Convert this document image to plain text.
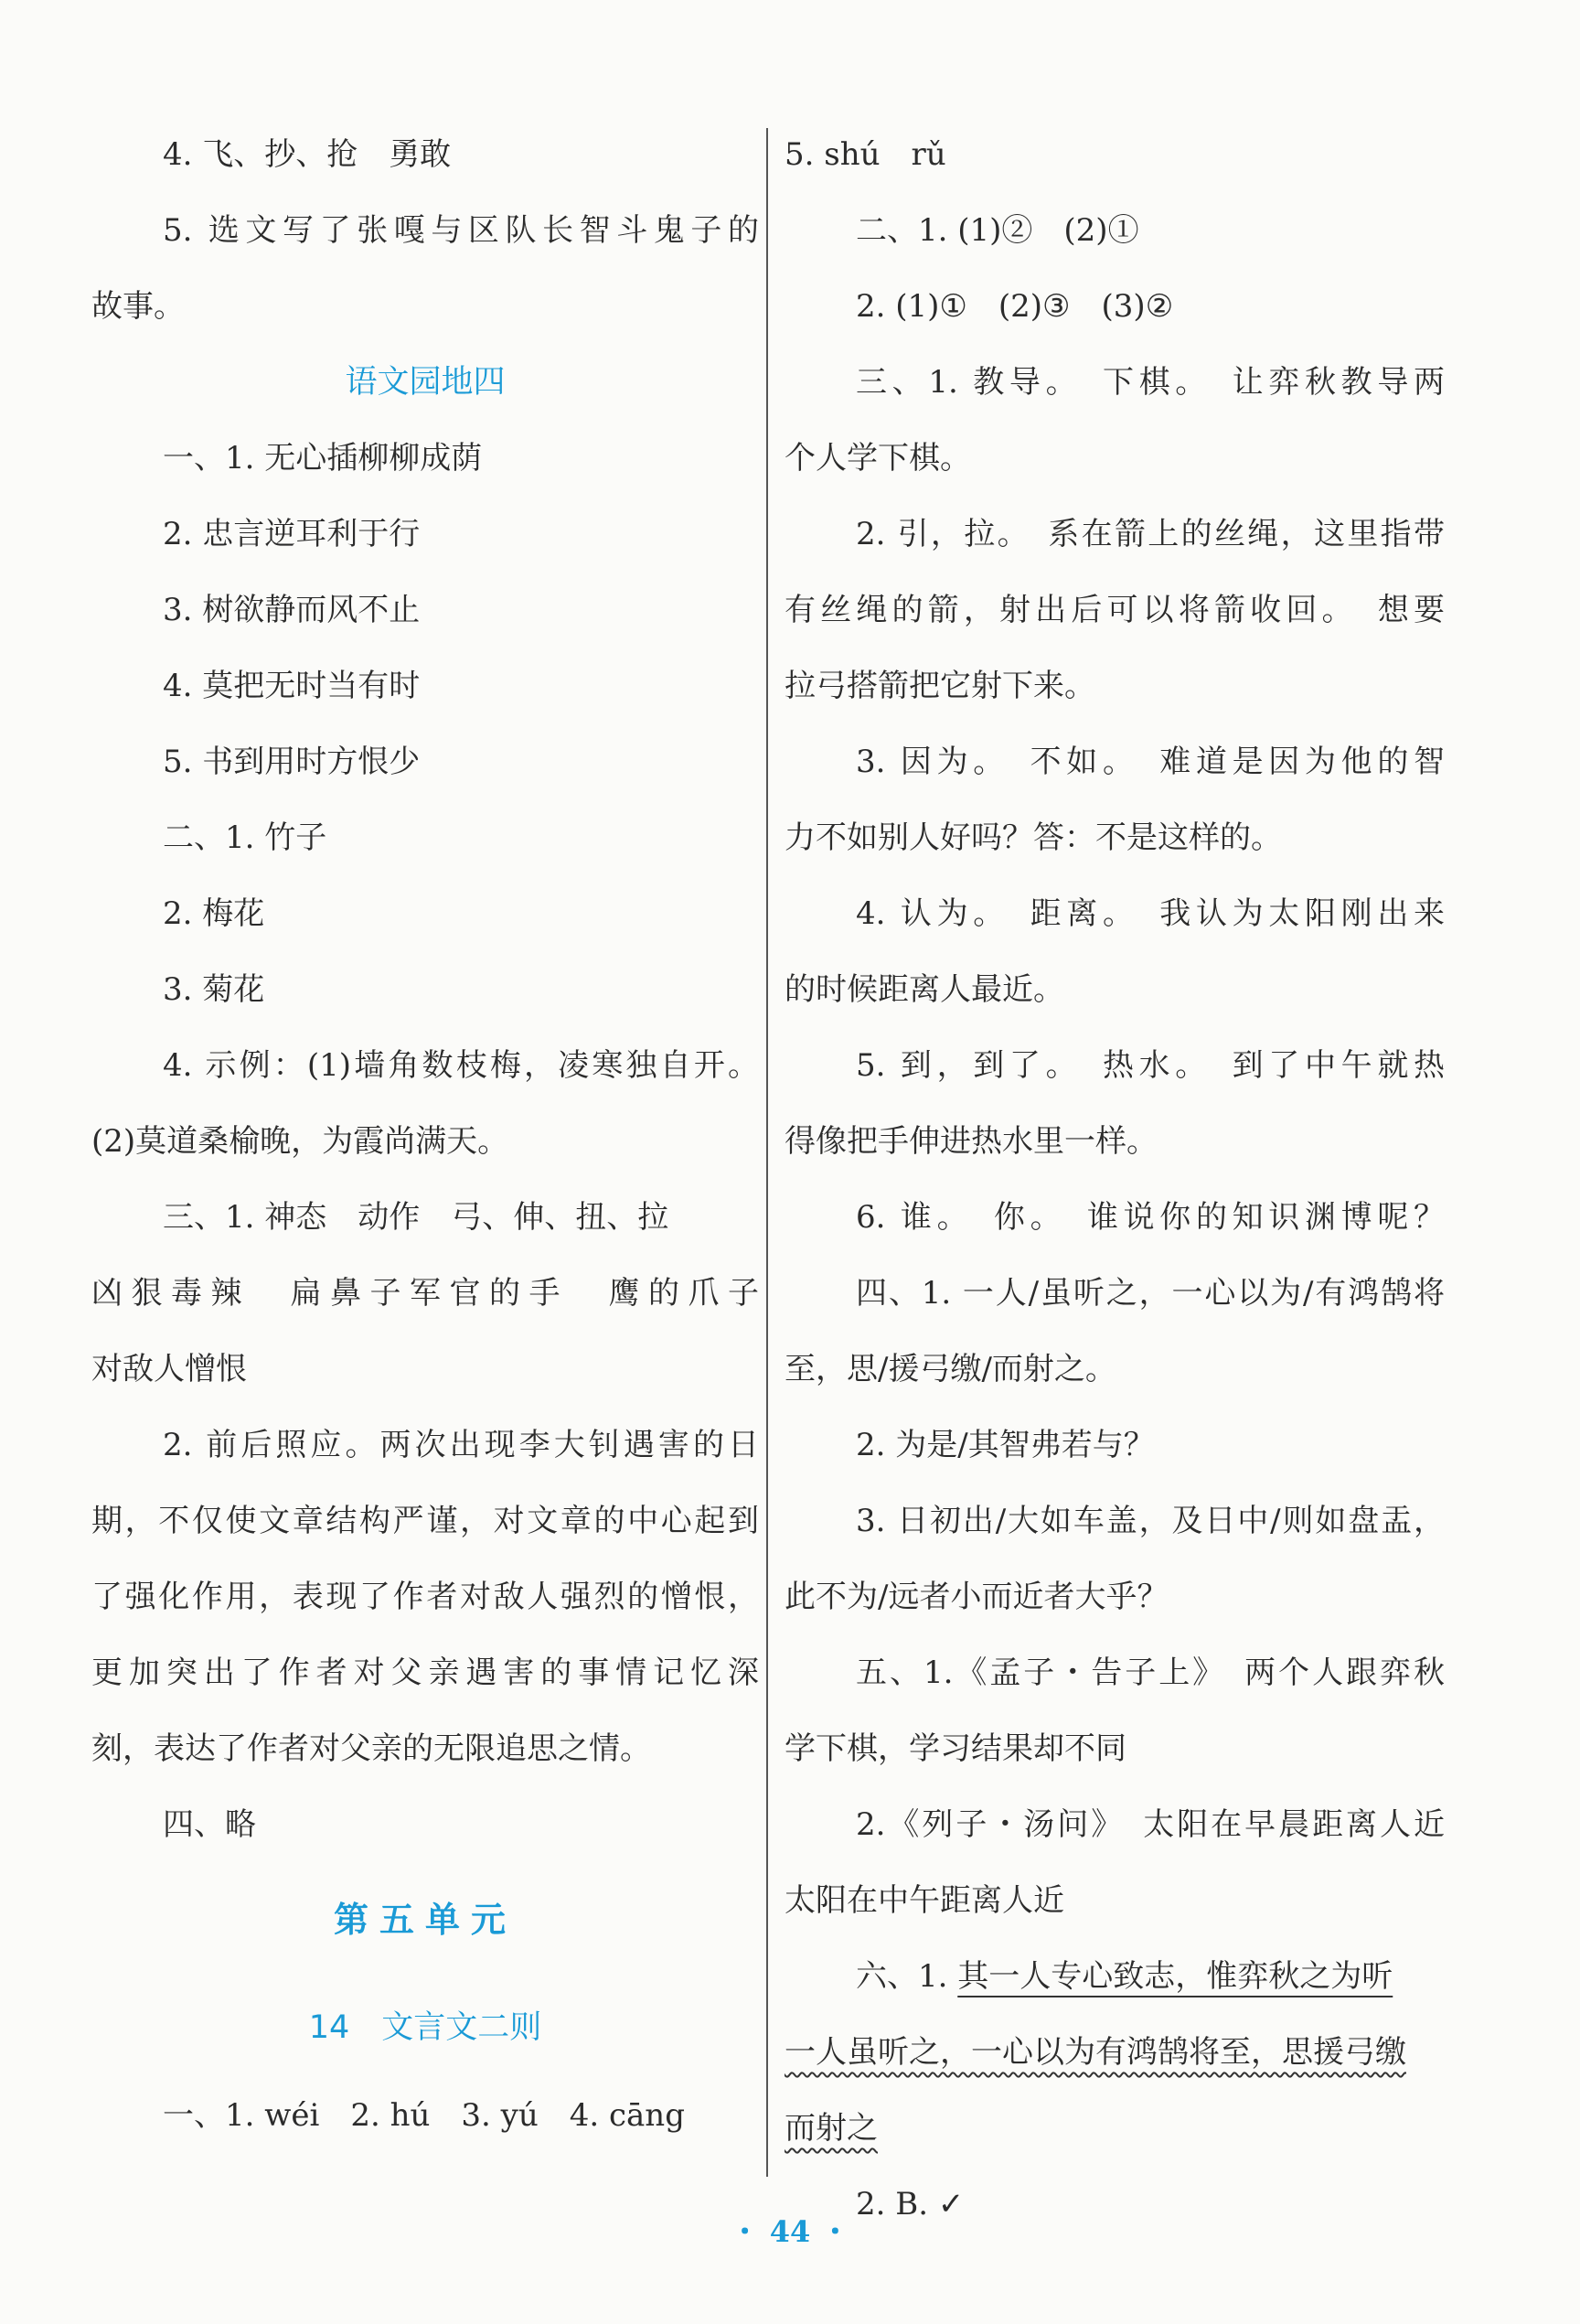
4. 飞、抄、抢　勇敢
5. 选文写了张嘎与区队长智斗鬼子的
故事。
语文园地四
一、1. 无心插柳柳成荫
2. 忠言逆耳利于行
3. 树欲静而风不止
4. 莫把无时当有时
5. 书到用时方恨少
二、1. 竹子
2. 梅花
3. 菊花
4. 示例：(1)墙角数枝梅，凌寒独自开。
(2)莫道桑榆晚，为霞尚满天。
三、1. 神态　动作　弓、伸、扭、拉
凶狠毒辣　扁鼻子军官的手　鹰的爪子
对敌人憎恨
2. 前后照应。两次出现李大钊遇害的日
期，不仅使文章结构严谨，对文章的中心起到
了强化作用，表现了作者对敌人强烈的憎恨，
更加突出了作者对父亲遇害的事情记忆深
刻，表达了作者对父亲的无限追思之情。
四、略
第五单元
14　文言文二则
一、1. wéi　2. hú　3. yú　4. cāng
5. shú　rǔ
二、1. (1)②　(2)①
2. (1)①　(2)③　(3)②
三、1. 教导。　下棋。　让弈秋教导两
个人学下棋。
2. 引，拉。　系在箭上的丝绳，这里指带
有丝绳的箭，射出后可以将箭收回。　想要
拉弓搭箭把它射下来。
3. 因为。　不如。　难道是因为他的智
力不如别人好吗？答：不是这样的。
4. 认为。　距离。　我认为太阳刚出来
的时候距离人最近。
5. 到，到了。　热水。　到了中午就热
得像把手伸进热水里一样。
6. 谁。　你。　谁说你的知识渊博呢？
四、1. 一人/虽听之，一心以为/有鸿鹄将
至，思/援弓缴/而射之。
2. 为是/其智弗若与？
3. 日初出/大如车盖，及日中/则如盘盂，
此不为/远者小而近者大乎？
五、1.《孟子・告子上》　两个人跟弈秋
学下棋，学习结果却不同
2.《列子・汤问》　太阳在早晨距离人近
太阳在中午距离人近
六、1. 其一人专心致志，惟弈秋之为听
一人虽听之，一心以为有鸿鹄将至，思援弓缴
而射之
2. B. ✓
・ 44 ・
